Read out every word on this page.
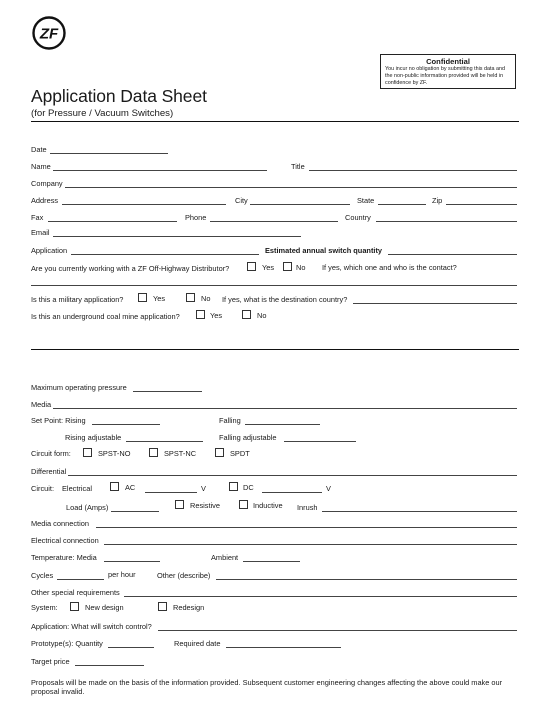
ZF
Confidential
You incur no obligation by submitting this data and the non-public information provided will be held in confidence by ZF.
Application Data Sheet
(for Pressure / Vacuum Switches)
Date
Name	Title
Company
Address	City	State	Zip
Fax	Phone	Country
Email
Application	Estimated annual switch quantity
Are you currently working with a ZF Off-Highway Distributor?	Yes	No If yes, which one and who is the contact?
Is this a military application?	Yes	No If yes, what is the destination country?
Is this an underground coal mine application?	Yes	No
Maximum operating pressure
Media
Set Point: Rising	Falling
Rising adjustable	Falling adjustable
Circuit form:	SPST-NO	SPST-NC	SPDT
Differential
Circuit: Electrical	AC	V	DC	V
Load (Amps)	Resistive	Inductive Inrush
Media connection
Electrical connection
Temperature: Media	Ambient
Cycles	per hour	Other (describe)
Other special requirements
System:	New design	Redesign
Application: What will switch control?
Prototype(s): Quantity	Required date
Target price
Proposals will be made on the basis of the information provided. Subsequent customer engineering changes affecting the above could make our proposal invalid.
